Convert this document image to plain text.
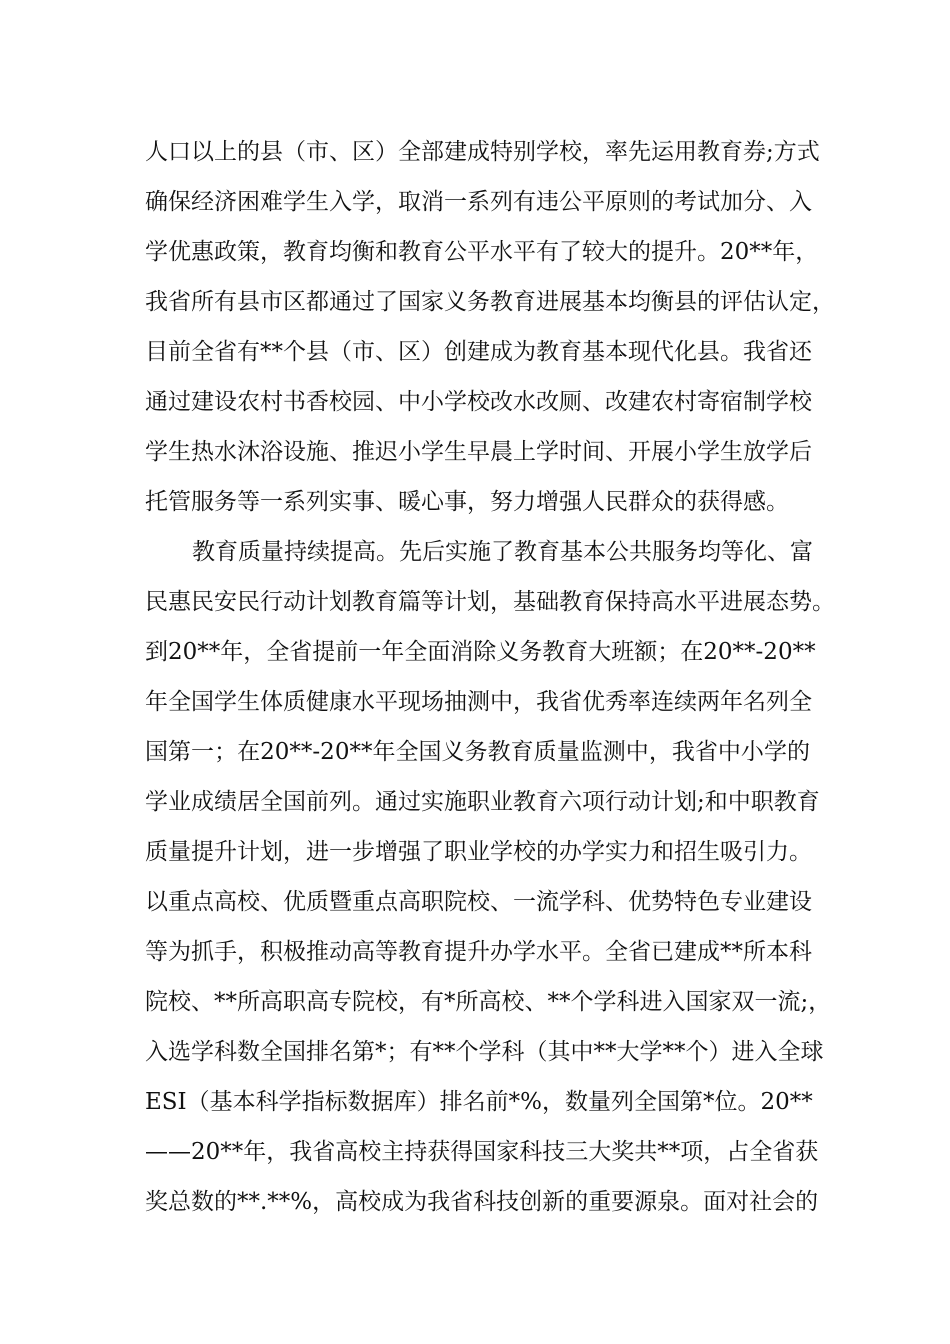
人口以上的县（市、区）全部建成特别学校，率先运用教育券;方式
确保经济困难学生入学，取消一系列有违公平原则的考试加分、入
学优惠政策，教育均衡和教育公平水平有了较大的提升。20**年，
我省所有县市区都通过了国家义务教育进展基本均衡县的评估认定，
目前全省有**个县（市、区）创建成为教育基本现代化县。我省还
通过建设农村书香校园、中小学校改水改厕、改建农村寄宿制学校
学生热水沐浴设施、推迟小学生早晨上学时间、开展小学生放学后
托管服务等一系列实事、暖心事，努力增强人民群众的获得感。
教育质量持续提高。先后实施了教育基本公共服务均等化、富
民惠民安民行动计划教育篇等计划，基础教育保持高水平进展态势。
到20**年，全省提前一年全面消除义务教育大班额；在20**-20**
年全国学生体质健康水平现场抽测中，我省优秀率连续两年名列全
国第一；在20**-20**年全国义务教育质量监测中，我省中小学的
学业成绩居全国前列。通过实施职业教育六项行动计划;和中职教育
质量提升计划，进一步增强了职业学校的办学实力和招生吸引力。
以重点高校、优质暨重点高职院校、一流学科、优势特色专业建设
等为抓手，积极推动高等教育提升办学水平。全省已建成**所本科
院校、**所高职高专院校，有*所高校、**个学科进入国家双一流;，
入选学科数全国排名第*；有**个学科（其中**大学**个）进入全球
ESI（基本科学指标数据库）排名前*%，数量列全国第*位。20**
——20**年，我省高校主持获得国家科技三大奖共**项，占全省获
奖总数的**.**%，高校成为我省科技创新的重要源泉。面对社会的
